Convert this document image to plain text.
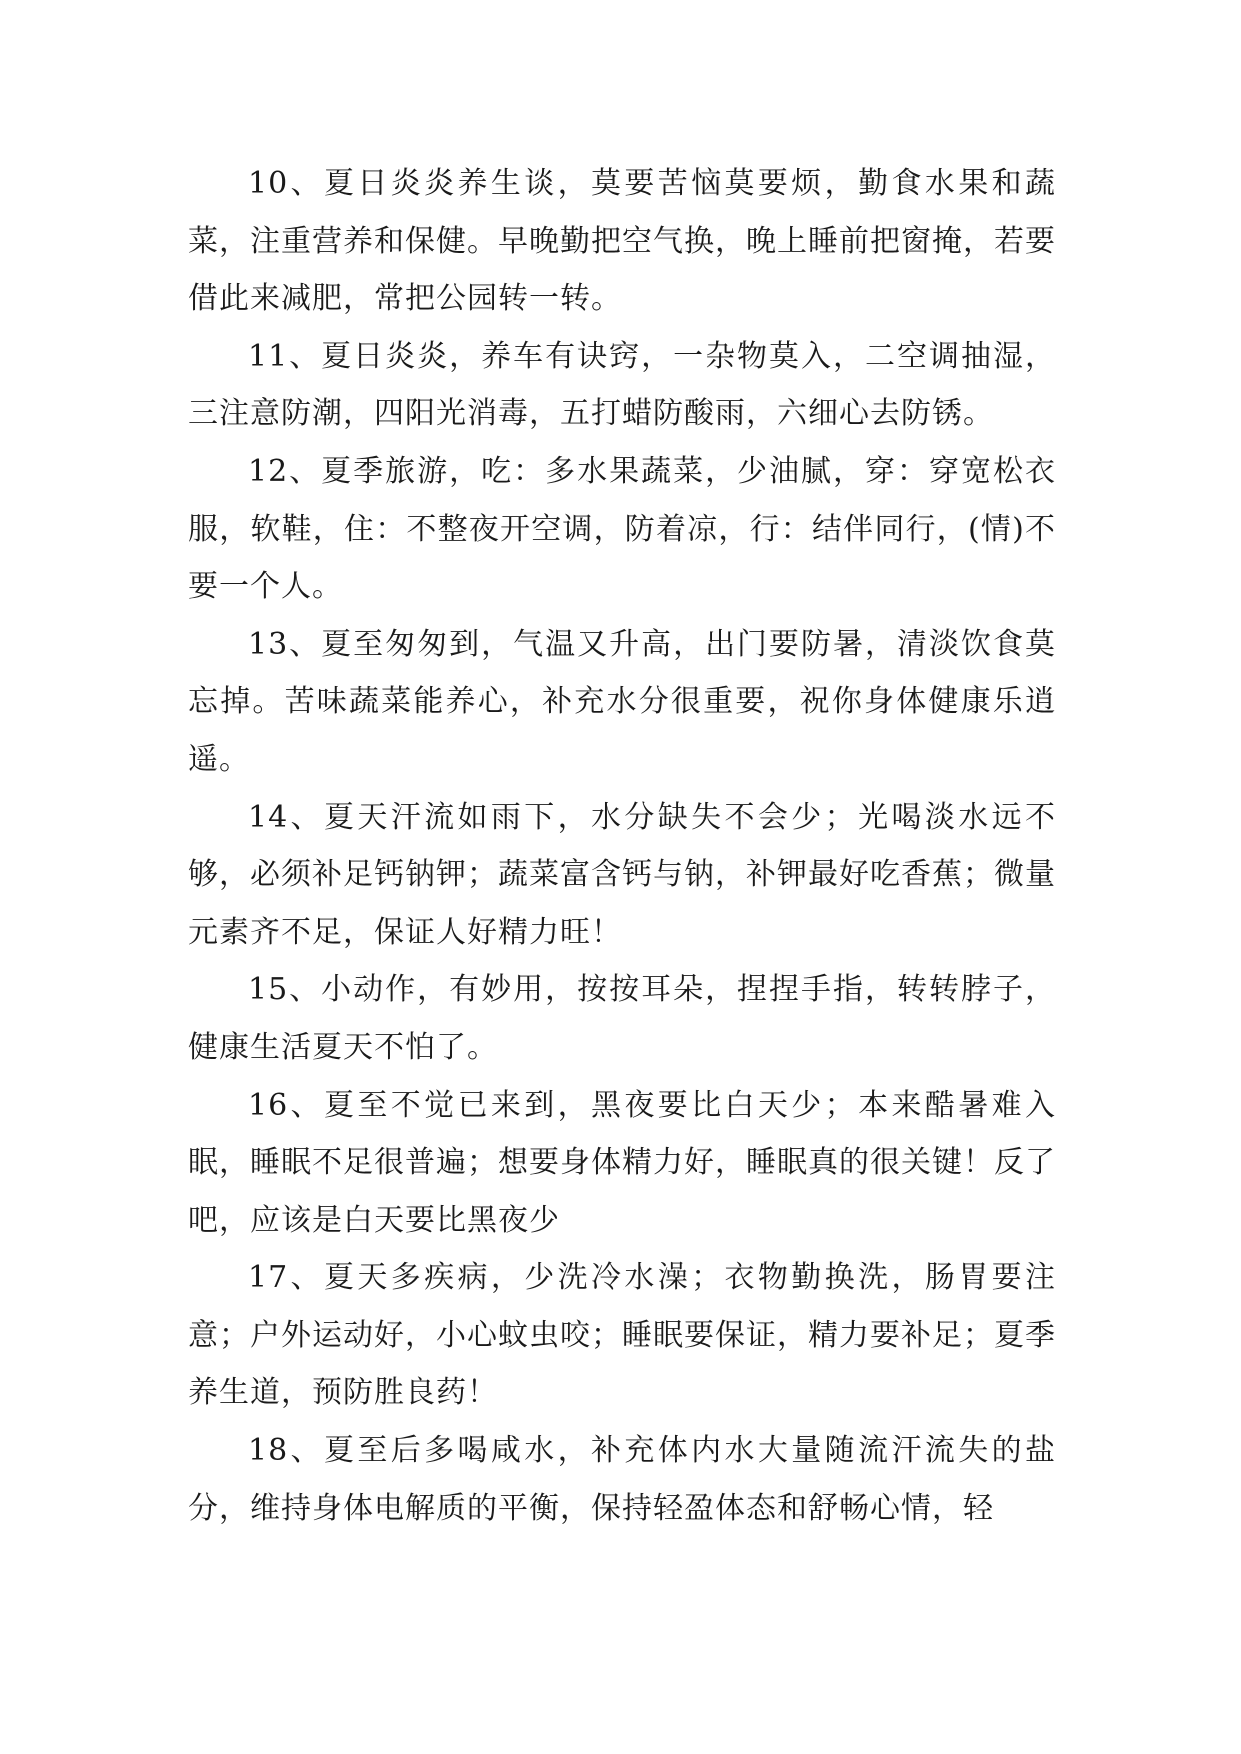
10、夏日炎炎养生谈，莫要苦恼莫要烦，勤食水果和蔬菜，注重营养和保健。早晚勤把空气换，晚上睡前把窗掩，若要借此来减肥，常把公园转一转。

11、夏日炎炎，养车有诀窍，一杂物莫入，二空调抽湿，三注意防潮，四阳光消毒，五打蜡防酸雨，六细心去防锈。

12、夏季旅游，吃：多水果蔬菜，少油腻，穿：穿宽松衣服，软鞋，住：不整夜开空调，防着凉，行：结伴同行，(情)不要一个人。

13、夏至匆匆到，气温又升高，出门要防暑，清淡饮食莫忘掉。苦味蔬菜能养心，补充水分很重要，祝你身体健康乐逍遥。

14、夏天汗流如雨下，水分缺失不会少；光喝淡水远不够，必须补足钙钠钾；蔬菜富含钙与钠，补钾最好吃香蕉；微量元素齐不足，保证人好精力旺！

15、小动作，有妙用，按按耳朵，捏捏手指，转转脖子，健康生活夏天不怕了。

16、夏至不觉已来到，黑夜要比白天少；本来酷暑难入眠，睡眠不足很普遍；想要身体精力好，睡眠真的很关键！反了吧，应该是白天要比黑夜少

17、夏天多疾病，少洗冷水澡；衣物勤换洗，肠胃要注意；户外运动好，小心蚊虫咬；睡眠要保证，精力要补足；夏季养生道，预防胜良药！

18、夏至后多喝咸水，补充体内水大量随流汗流失的盐分，维持身体电解质的平衡，保持轻盈体态和舒畅心情，轻
